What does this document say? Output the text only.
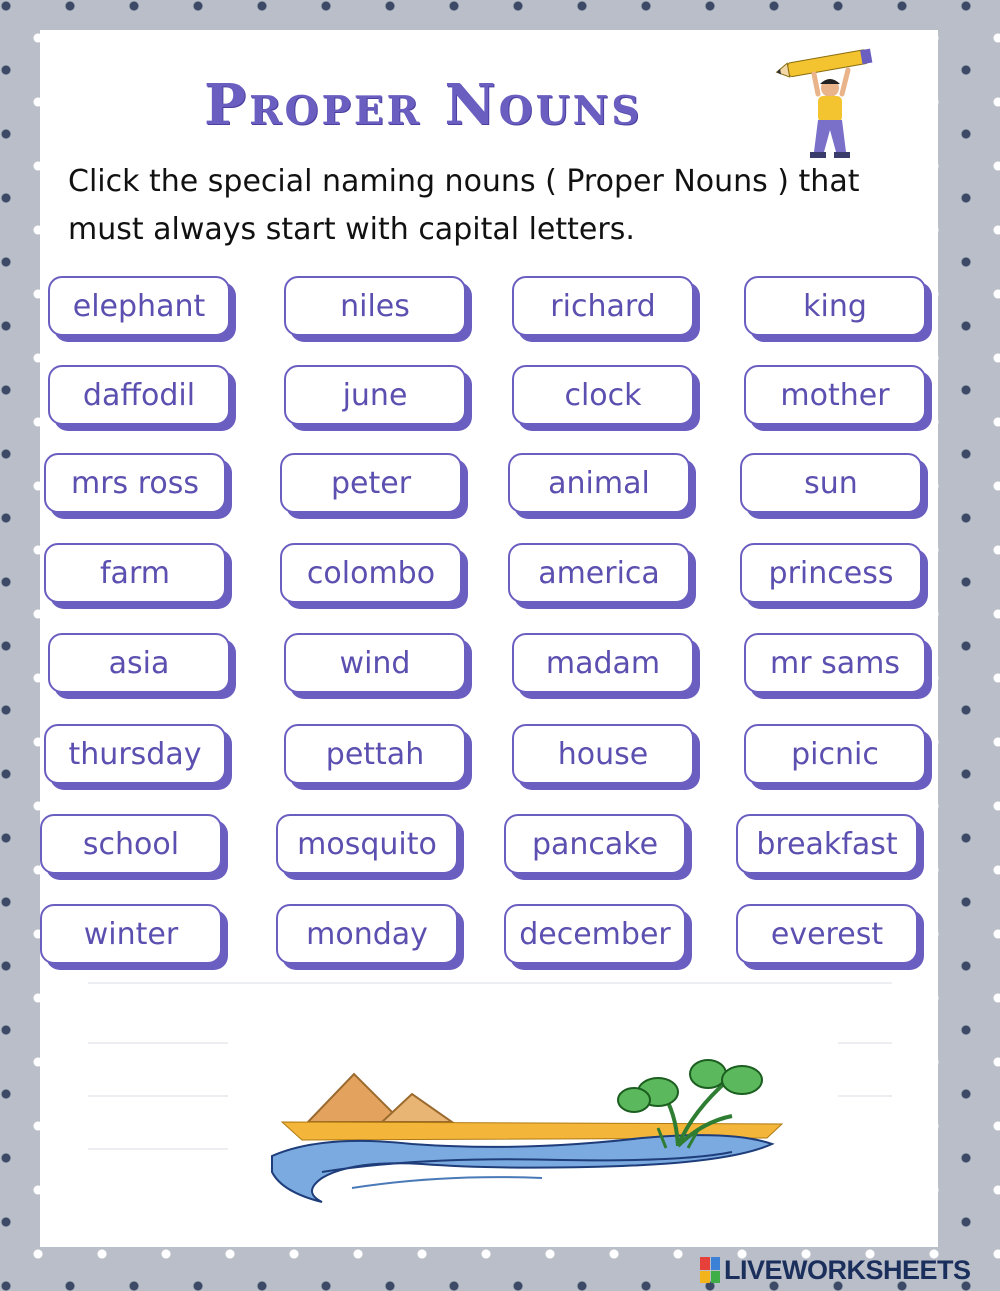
Proper Nouns

Click the special naming nouns ( Proper Nouns ) that must always start with capital letters.

elephant	niles	richard	king
daffodil	june	clock	mother
mrs ross	peter	animal	sun
farm	colombo	america	princess
asia	wind	madam	mr sams
thursday	pettah	house	picnic
school	mosquito	pancake	breakfast
winter	monday	december	everest
LIVEWORKSHEETS
